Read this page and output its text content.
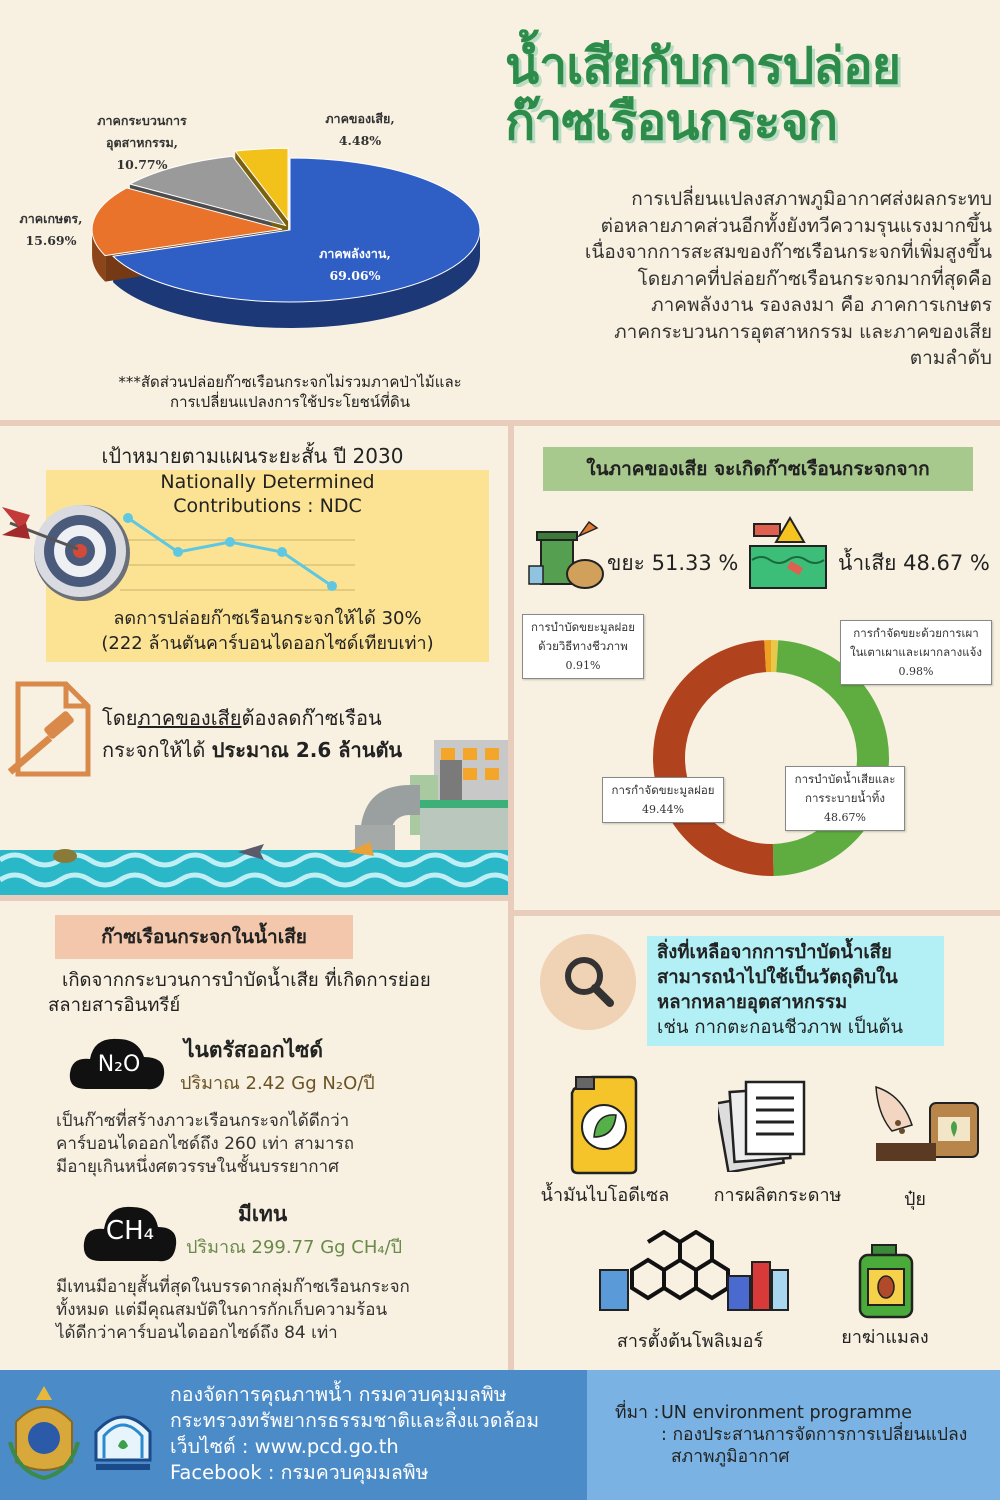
น้ำเสียกับการปล่อย
ก๊าซเรือนกระจก
การเปลี่ยนแปลงสภาพภูมิอากาศส่งผลกระทบ
ต่อหลายภาคส่วนอีกทั้งยังทวีความรุนแรงมากขึ้น
เนื่องจากการสะสมของก๊าซเรือนกระจกที่เพิ่มสูงขึ้น
โดยภาคที่ปล่อยก๊าซเรือนกระจกมากที่สุดคือ
ภาคพลังงาน รองลงมา คือ ภาคการเกษตร
ภาคกระบวนการอุตสาหกรรม และภาคของเสีย
ตามลำดับ
ภาคของเสีย,
4.48%
ภาคกระบวนการ
อุตสาหกรรม,
10.77%
ภาคเกษตร,
15.69%
ภาคพลังงาน,
69.06%
***สัดส่วนปล่อยก๊าซเรือนกระจกไม่รวมภาคป่าไม้และ
การเปลี่ยนแปลงการใช้ประโยชน์ที่ดิน
เป้าหมายตามแผนระยะสั้น ปี 2030
Nationally Determined
Contributions : NDC
ลดการปล่อยก๊าซเรือนกระจกให้ได้ 30%
(222 ล้านตันคาร์บอนไดออกไซด์เทียบเท่า)
โดยภาคของเสียต้องลดก๊าซเรือน
กระจกให้ได้ ประมาณ 2.6 ล้านตัน
ในภาคของเสีย จะเกิดก๊าซเรือนกระจกจาก
ขยะ 51.33 %	น้ำเสีย 48.67 %
การบำบัดขยะมูลฝอย
ด้วยวิธีทางชีวภาพ
0.91%
การกำจัดขยะด้วยการเผา
ในเตาเผาและเผากลางแจ้ง
0.98%
การกำจัดขยะมูลฝอย
49.44%
การบำบัดน้ำเสียและ
การระบายน้ำทิ้ง
48.67%
ก๊าซเรือนกระจกในน้ำเสีย
เกิดจากกระบวนการบำบัดน้ำเสีย ที่เกิดการย่อย
สลายสารอินทรีย์
N₂O
ไนตรัสออกไซด์
ปริมาณ 2.42 Gg N₂O/ปี
เป็นก๊าซที่สร้างภาวะเรือนกระจกได้ดีกว่า
คาร์บอนไดออกไซด์ถึง 260 เท่า สามารถ
มีอายุเกินหนึ่งศตวรรษในชั้นบรรยากาศ
CH₄
มีเทน
ปริมาณ 299.77 Gg CH₄/ปี
มีเทนมีอายุสั้นที่สุดในบรรดากลุ่มก๊าซเรือนกระจก
ทั้งหมด แต่มีคุณสมบัติในการกักเก็บความร้อน
ได้ดีกว่าคาร์บอนไดออกไซด์ถึง 84 เท่า
สิ่งที่เหลือจากการบำบัดน้ำเสีย
สามารถนำไปใช้เป็นวัตถุดิบใน
หลากหลายอุตสาหกรรม
เช่น กากตะกอนชีวภาพ เป็นต้น
น้ำมันไบโอดีเซล	การผลิตกระดาษ	ปุ๋ย
สารตั้งต้นโพลิเมอร์	ยาฆ่าแมลง
กองจัดการคุณภาพน้ำ กรมควบคุมมลพิษ
กระทรวงทรัพยากรธรรมชาติและสิ่งแวดล้อม
เว็บไซต์ : www.pcd.go.th
Facebook : กรมควบคุมมลพิษ
ที่มา : UN environment programme
: กองประสานการจัดการการเปลี่ยนแปลง
สภาพภูมิอากาศ
